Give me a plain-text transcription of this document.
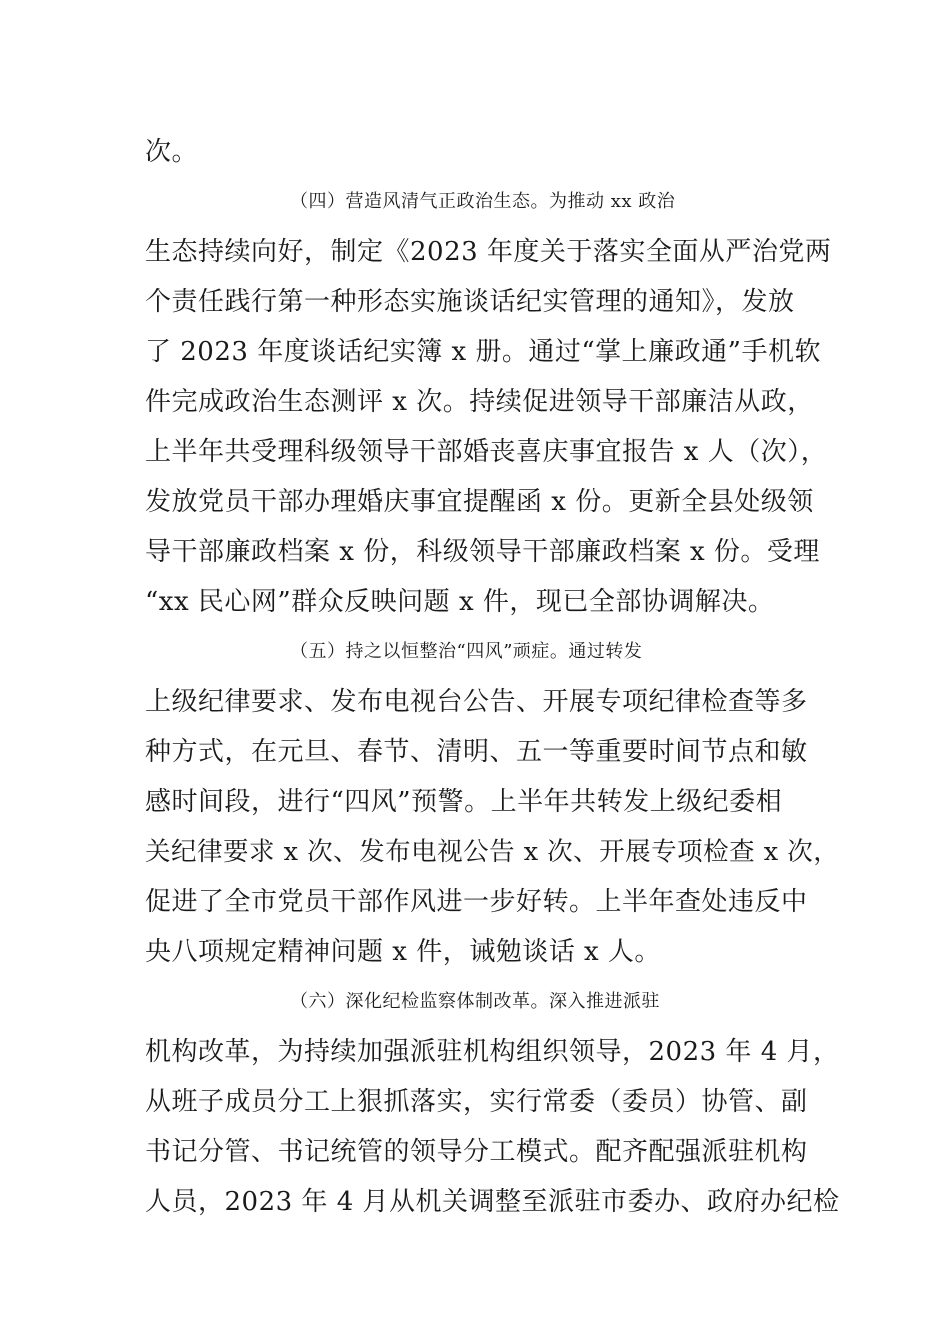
次。
（四）营造风清气正政治生态。为推动 xx 政治
生态持续向好，制定《2023 年度关于落实全面从严治党两
个责任践行第一种形态实施谈话纪实管理的通知》，发放
了 2023 年度谈话纪实簿 x 册。通过“掌上廉政通”手机软
件完成政治生态测评 x 次。持续促进领导干部廉洁从政，
上半年共受理科级领导干部婚丧喜庆事宜报告 x 人（次），
发放党员干部办理婚庆事宜提醒函 x 份。更新全县处级领
导干部廉政档案 x 份，科级领导干部廉政档案 x 份。受理
“xx 民心网”群众反映问题 x 件，现已全部协调解决。
（五）持之以恒整治“四风”顽症。通过转发
上级纪律要求、发布电视台公告、开展专项纪律检查等多
种方式，在元旦、春节、清明、五一等重要时间节点和敏
感时间段，进行“四风”预警。上半年共转发上级纪委相
关纪律要求 x 次、发布电视公告 x 次、开展专项检查 x 次，
促进了全市党员干部作风进一步好转。上半年查处违反中
央八项规定精神问题 x 件，诫勉谈话 x 人。
（六）深化纪检监察体制改革。深入推进派驻
机构改革，为持续加强派驻机构组织领导，2023 年 4 月，
从班子成员分工上狠抓落实，实行常委（委员）协管、副
书记分管、书记统管的领导分工模式。配齐配强派驻机构
人员，2023 年 4 月从机关调整至派驻市委办、政府办纪检
